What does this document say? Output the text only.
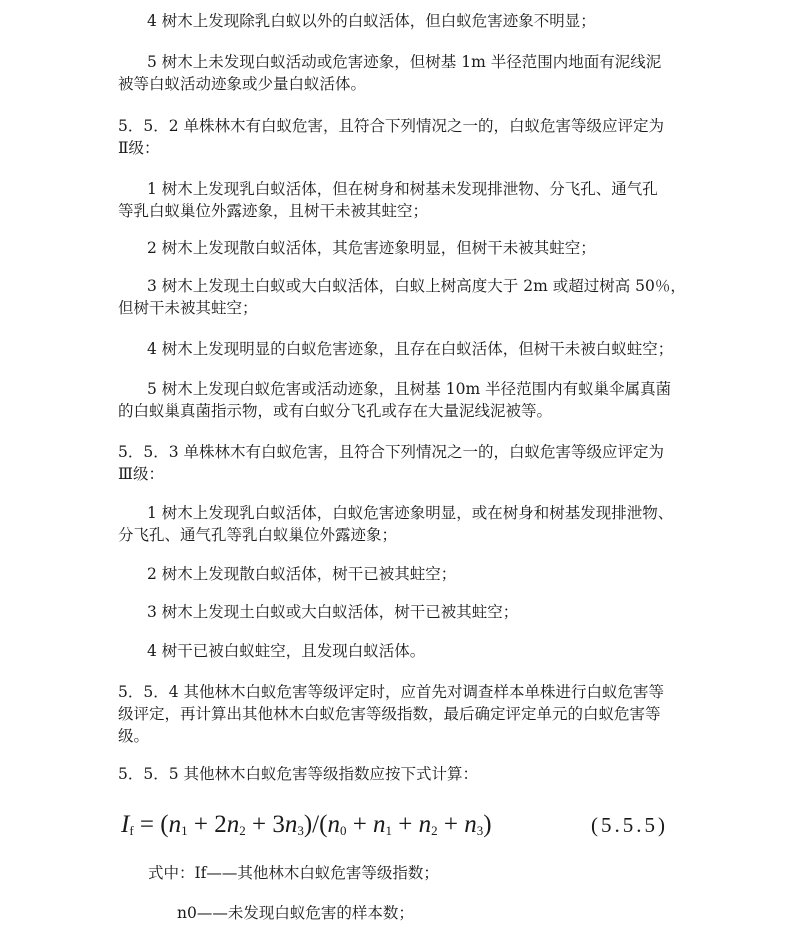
4 树木上发现除乳白蚁以外的白蚁活体，但白蚁危害迹象不明显；
5 树木上未发现白蚁活动或危害迹象，但树基 1m 半径范围内地面有泥线泥
被等白蚁活动迹象或少量白蚁活体。
5．5．2 单株林木有白蚁危害，且符合下列情况之一的，白蚁危害等级应评定为
Ⅱ级：
1 树木上发现乳白蚁活体，但在树身和树基未发现排泄物、分飞孔、通气孔
等乳白蚁巢位外露迹象，且树干未被其蛀空；
2 树木上发现散白蚁活体，其危害迹象明显，但树干未被其蛀空；
3 树木上发现土白蚁或大白蚁活体，白蚁上树高度大于 2m 或超过树高 50％，
但树干未被其蛀空；
4 树木上发现明显的白蚁危害迹象，且存在白蚁活体，但树干未被白蚁蛀空；
5 树木上发现白蚁危害或活动迹象，且树基 10m 半径范围内有蚁巢伞属真菌
的白蚁巢真菌指示物，或有白蚁分飞孔或存在大量泥线泥被等。
5．5．3 单株林木有白蚁危害，且符合下列情况之一的，白蚁危害等级应评定为
Ⅲ级：
1 树木上发现乳白蚁活体，白蚁危害迹象明显，或在树身和树基发现排泄物、
分飞孔、通气孔等乳白蚁巢位外露迹象；
2 树木上发现散白蚁活体，树干已被其蛀空；
3 树木上发现土白蚁或大白蚁活体，树干已被其蛀空；
4 树干已被白蚁蛀空，且发现白蚁活体。
5．5．4 其他林木白蚁危害等级评定时，应首先对调查样本单株进行白蚁危害等
级评定，再计算出其他林木白蚁危害等级指数，最后确定评定单元的白蚁危害等
级。
5．5．5 其他林木白蚁危害等级指数应按下式计算：
$I_f = (n_1 + 2n_2 + 3n_3)/(n_0 + n_1 + n_2 + n_3)$	(5.5.5)
式中：If——其他林木白蚁危害等级指数；
n0——未发现白蚁危害的样本数；
